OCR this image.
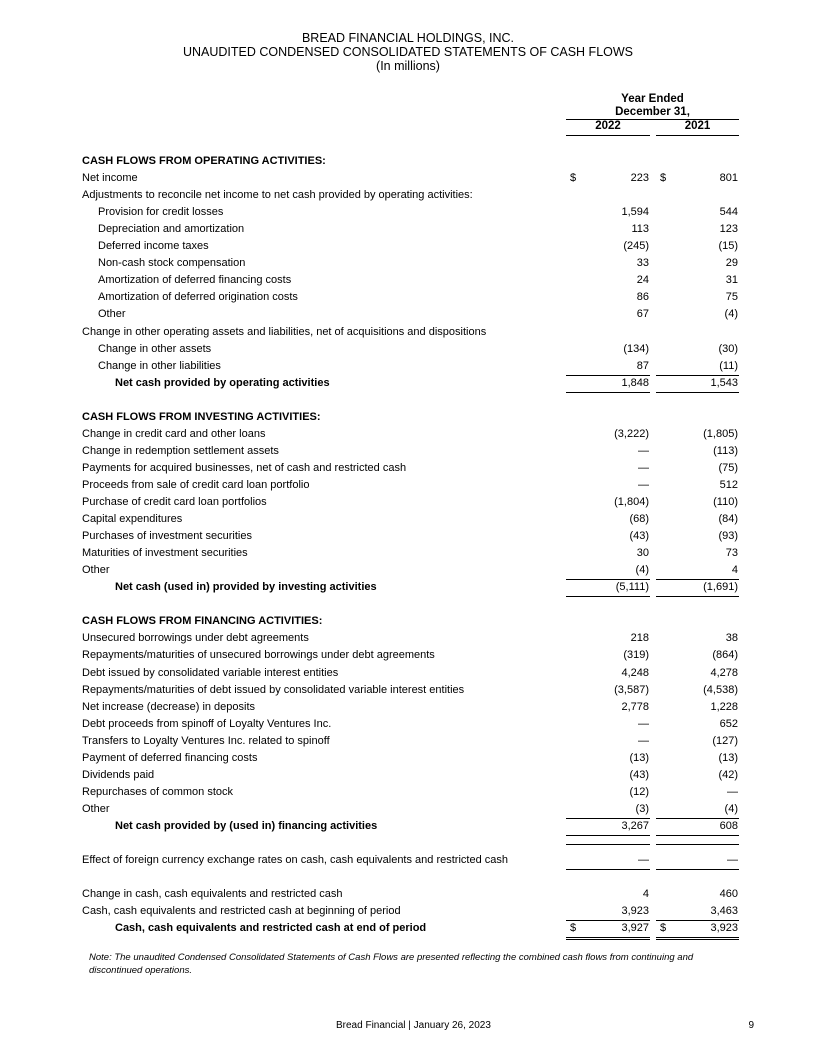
BREAD FINANCIAL HOLDINGS, INC.
UNAUDITED CONDENSED CONSOLIDATED STATEMENTS OF CASH FLOWS
(In millions)
Year Ended
December 31,
2022	2021
CASH FLOWS FROM OPERATING ACTIVITIES:
Net income	223	801
$	$
Adjustments to reconcile net income to net cash provided by operating activities:
Provision for credit losses	1,594	544
Depreciation and amortization	113	123
Deferred income taxes	(245)	(15)
Non-cash stock compensation	33	29
Amortization of deferred financing costs	24	31
Amortization of deferred origination costs	86	75
Other	67	(4)
Change in other operating assets and liabilities, net of acquisitions and dispositions
Change in other assets	(134)	(30)
Change in other liabilities	87	(11)
Net cash provided by operating activities	1,848	1,543
CASH FLOWS FROM INVESTING ACTIVITIES:
Change in credit card and other loans	(3,222)	(1,805)
Change in redemption settlement assets	—	(113)
Payments for acquired businesses, net of cash and restricted cash	—	(75)
Proceeds from sale of credit card loan portfolio	—	512
Purchase of credit card loan portfolios	(1,804)	(110)
Capital expenditures	(68)	(84)
Purchases of investment securities	(43)	(93)
Maturities of investment securities	30	73
Other	(4)	4
Net cash (used in) provided by investing activities	(5,111)	(1,691)
CASH FLOWS FROM FINANCING ACTIVITIES:
Unsecured borrowings under debt agreements	218	38
Repayments/maturities of unsecured borrowings under debt agreements	(319)	(864)
Debt issued by consolidated variable interest entities	4,248	4,278
Repayments/maturities of debt issued by consolidated variable interest entities	(3,587)	(4,538)
Net increase (decrease) in deposits	2,778	1,228
Debt proceeds from spinoff of Loyalty Ventures Inc.	—	652
Transfers to Loyalty Ventures Inc. related to spinoff	—	(127)
Payment of deferred financing costs	(13)	(13)
Dividends paid	(43)	(42)
Repurchases of common stock	(12)	—
Other	(3)	(4)
Net cash provided by (used in) financing activities	3,267	608
Effect of foreign currency exchange rates on cash, cash equivalents and restricted cash	—	—
Change in cash, cash equivalents and restricted cash	4	460
Cash, cash equivalents and restricted cash at beginning of period	3,923	3,463
Cash, cash equivalents and restricted cash at end of period	3,927	3,923
$	$
Note: The unaudited Condensed Consolidated Statements of Cash Flows are presented reflecting the combined cash flows from continuing and discontinued operations.
Bread Financial | January 26, 2023	9
